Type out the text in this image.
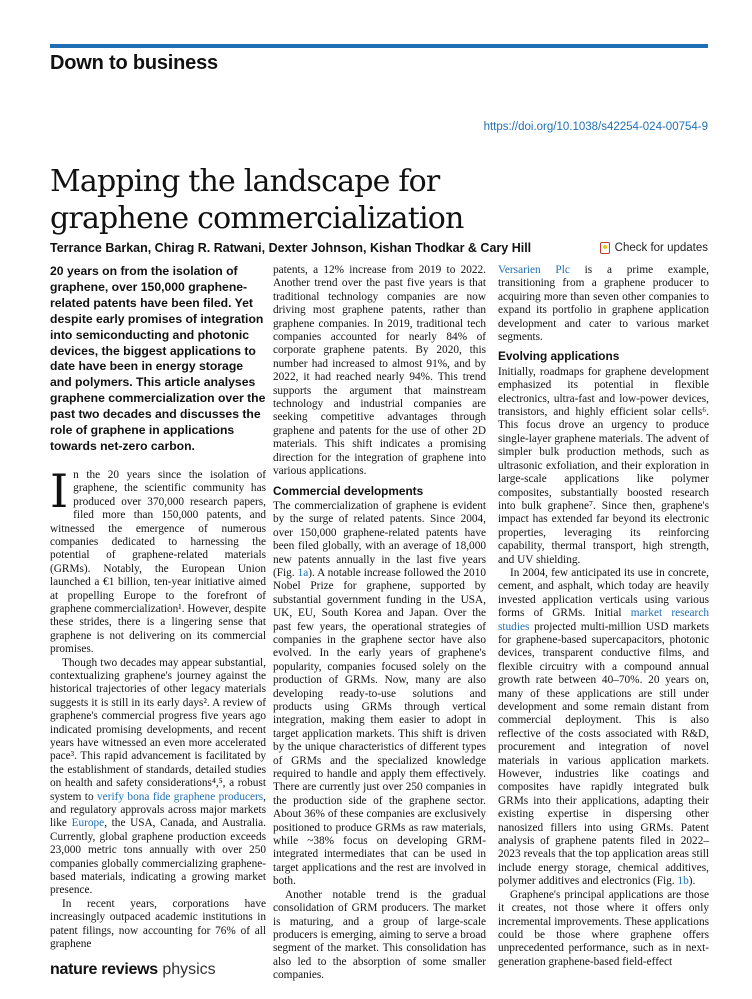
Down to business
https://doi.org/10.1038/s42254-024-00754-9
Mapping the landscape for
graphene commercialization
Terrance Barkan, Chirag R. Ratwani, Dexter Johnson, Kishan Thodkar & Cary Hill	Check for updates

20 years on from the isolation of graphene, over 150,000 graphene-related patents have been filed. Yet despite early promises of integration into semiconducting and photonic devices, the biggest applications to date have been in energy storage and polymers. This article analyses graphene commercialization over the past two decades and discusses the role of graphene in applications towards net-zero carbon.

In the 20 years since the isolation of graphene, the scientific community has produced over 370,000 research papers, filed more than 150,000 patents, and witnessed the emergence of numerous companies dedicated to harnessing the potential of graphene-related materials (GRMs). Notably, the European Union launched a €1 billion, ten-year initiative aimed at propelling Europe to the forefront of graphene commercialization¹. However, despite these strides, there is a lingering sense that graphene is not delivering on its commercial promises.

Though two decades may appear substantial, contextualizing graphene's journey against the historical trajectories of other legacy materials suggests it is still in its early days². A review of graphene's commercial progress five years ago indicated promising developments, and recent years have witnessed an even more accelerated pace³. This rapid advancement is facilitated by the establishment of standards, detailed studies on health and safety considerations⁴,⁵, a robust system to verify bona fide graphene producers, and regulatory approvals across major markets like Europe, the USA, Canada, and Australia. Currently, global graphene production exceeds 23,000 metric tons annually with over 250 companies globally commercializing graphene-based materials, indicating a growing market presence.

In recent years, corporations have increasingly outpaced academic institutions in patent filings, now accounting for 76% of all graphene

patents, a 12% increase from 2019 to 2022. Another trend over the past five years is that traditional technology companies are now driving most graphene patents, rather than graphene companies. In 2019, traditional tech companies accounted for nearly 84% of corporate graphene patents. By 2020, this number had increased to almost 91%, and by 2022, it had reached nearly 94%. This trend supports the argument that mainstream technology and industrial companies are seeking competitive advantages through graphene and patents for the use of other 2D materials. This shift indicates a promising direction for the integration of graphene into various applications.

Commercial developments

The commercialization of graphene is evident by the surge of related patents. Since 2004, over 150,000 graphene-related patents have been filed globally, with an average of 18,000 new patents annually in the last five years (Fig. 1a). A notable increase followed the 2010 Nobel Prize for graphene, supported by substantial government funding in the USA, UK, EU, South Korea and Japan. Over the past few years, the operational strategies of companies in the graphene sector have also evolved. In the early years of graphene's popularity, companies focused solely on the production of GRMs. Now, many are also developing ready-to-use solutions and products using GRMs through vertical integration, making them easier to adopt in target application markets. This shift is driven by the unique characteristics of different types of GRMs and the specialized knowledge required to handle and apply them effectively. There are currently just over 250 companies in the production side of the graphene sector. About 36% of these companies are exclusively positioned to produce GRMs as raw materials, while ~38% focus on developing GRM-integrated intermediates that can be used in target applications and the rest are involved in both.

Another notable trend is the gradual consolidation of GRM producers. The market is maturing, and a group of large-scale producers is emerging, aiming to serve a broad segment of the market. This consolidation has also led to the absorption of some smaller companies.

Versarien Plc is a prime example, transitioning from a graphene producer to acquiring more than seven other companies to expand its portfolio in graphene application development and cater to various market segments.

Evolving applications

Initially, roadmaps for graphene development emphasized its potential in flexible electronics, ultra-fast and low-power devices, transistors, and highly efficient solar cells⁶. This focus drove an urgency to produce single-layer graphene materials. The advent of simpler bulk production methods, such as ultrasonic exfoliation, and their exploration in large-scale applications like polymer composites, substantially boosted research into bulk graphene⁷. Since then, graphene's impact has extended far beyond its electronic properties, leveraging its reinforcing capability, thermal transport, high strength, and UV shielding.

In 2004, few anticipated its use in concrete, cement, and asphalt, which today are heavily invested application verticals using various forms of GRMs. Initial market research studies projected multi-million USD markets for graphene-based supercapacitors, photonic devices, transparent conductive films, and flexible circuitry with a compound annual growth rate between 40–70%. 20 years on, many of these applications are still under development and some remain distant from commercial deployment. This is also reflective of the costs associated with R&D, procurement and integration of novel materials in various application markets. However, industries like coatings and composites have rapidly integrated bulk GRMs into their applications, adapting their existing expertise in dispersing other nanosized fillers into using GRMs. Patent analysis of graphene patents filed in 2022–2023 reveals that the top application areas still include energy storage, chemical additives, polymer additives and electronics (Fig. 1b).

Graphene's principal applications are those it creates, not those where it offers only incremental improvements. These applications could be those where graphene offers unprecedented performance, such as in next-generation graphene-based field-effect

nature reviews physics
